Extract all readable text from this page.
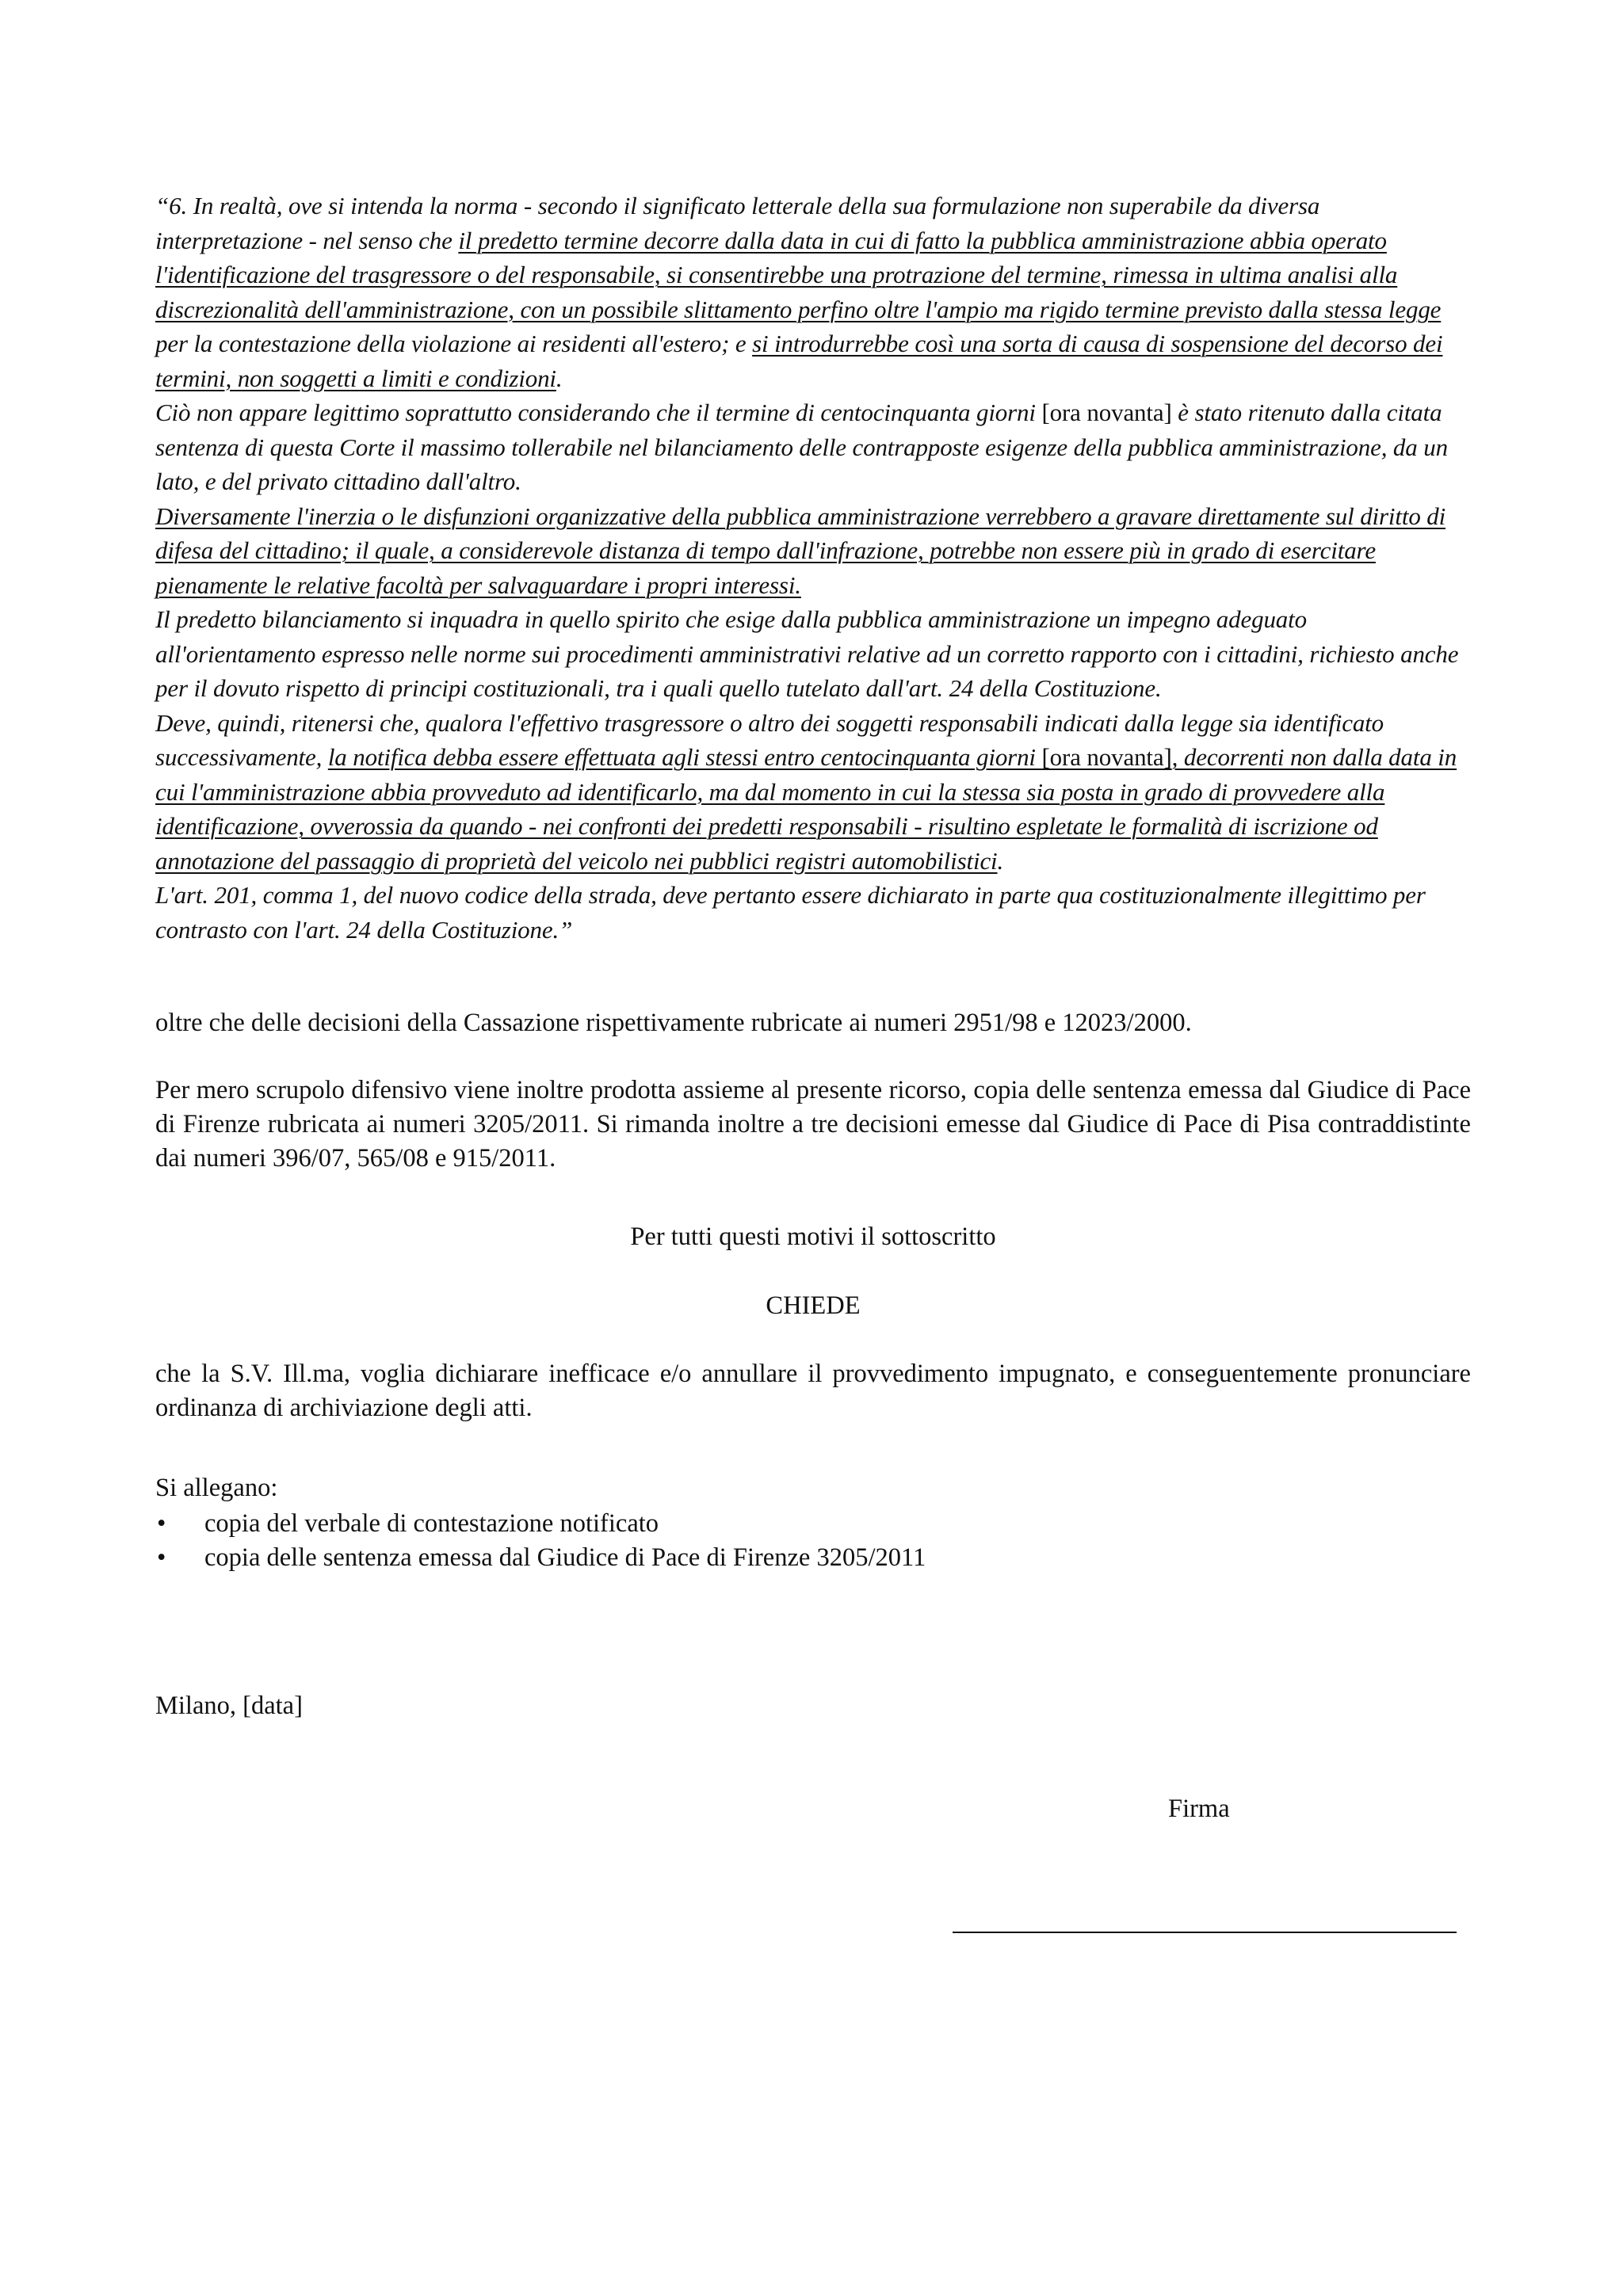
“6. In realtà, ove si intenda la norma - secondo il significato letterale della sua formulazione non superabile da diversa interpretazione - nel senso che il predetto termine decorre dalla data in cui di fatto la pubblica amministrazione abbia operato l'identificazione del trasgressore o del responsabile, si consentirebbe una protrazione del termine, rimessa in ultima analisi alla discrezionalità dell'amministrazione, con un possibile slittamento perfino oltre l'ampio ma rigido termine previsto dalla stessa legge per la contestazione della violazione ai residenti all'estero; e si introdurrebbe così una sorta di causa di sospensione del decorso dei termini, non soggetti a limiti e condizioni.

Ciò non appare legittimo soprattutto considerando che il termine di centocinquanta giorni [ora novanta] è stato ritenuto dalla citata sentenza di questa Corte il massimo tollerabile nel bilanciamento delle contrapposte esigenze della pubblica amministrazione, da un lato, e del privato cittadino dall'altro.

Diversamente l'inerzia o le disfunzioni organizzative della pubblica amministrazione verrebbero a gravare direttamente sul diritto di difesa del cittadino; il quale, a considerevole distanza di tempo dall'infrazione, potrebbe non essere più in grado di esercitare pienamente le relative facoltà per salvaguardare i propri interessi.

Il predetto bilanciamento si inquadra in quello spirito che esige dalla pubblica amministrazione un impegno adeguato all'orientamento espresso nelle norme sui procedimenti amministrativi relative ad un corretto rapporto con i cittadini, richiesto anche per il dovuto rispetto di principi costituzionali, tra i quali quello tutelato dall'art. 24 della Costituzione.

Deve, quindi, ritenersi che, qualora l'effettivo trasgressore o altro dei soggetti responsabili indicati dalla legge sia identificato successivamente, la notifica debba essere effettuata agli stessi entro centocinquanta giorni [ora novanta], decorrenti non dalla data in cui l'amministrazione abbia provveduto ad identificarlo, ma dal momento in cui la stessa sia posta in grado di provvedere alla identificazione, ovverossia da quando - nei confronti dei predetti responsabili - risultino espletate le formalità di iscrizione od annotazione del passaggio di proprietà del veicolo nei pubblici registri automobilistici.

L'art. 201, comma 1, del nuovo codice della strada, deve pertanto essere dichiarato in parte qua costituzionalmente illegittimo per contrasto con l'art. 24 della Costituzione.”

oltre che delle decisioni della Cassazione rispettivamente rubricate ai numeri 2951/98 e 12023/2000.

Per mero scrupolo difensivo viene inoltre prodotta assieme al presente ricorso, copia delle sentenza emessa dal Giudice di Pace di Firenze rubricata ai numeri 3205/2011. Si rimanda inoltre a tre decisioni emesse dal Giudice di Pace di Pisa contraddistinte dai numeri 396/07, 565/08 e 915/2011.

Per tutti questi motivi il sottoscritto

CHIEDE

che la S.V. Ill.ma, voglia dichiarare inefficace e/o annullare il provvedimento impugnato, e conseguentemente pronunciare ordinanza di archiviazione degli atti.

Si allegano:

• copia del verbale di contestazione notificato
• copia delle sentenza emessa dal Giudice di Pace di Firenze 3205/2011

Milano, [data]

Firma
